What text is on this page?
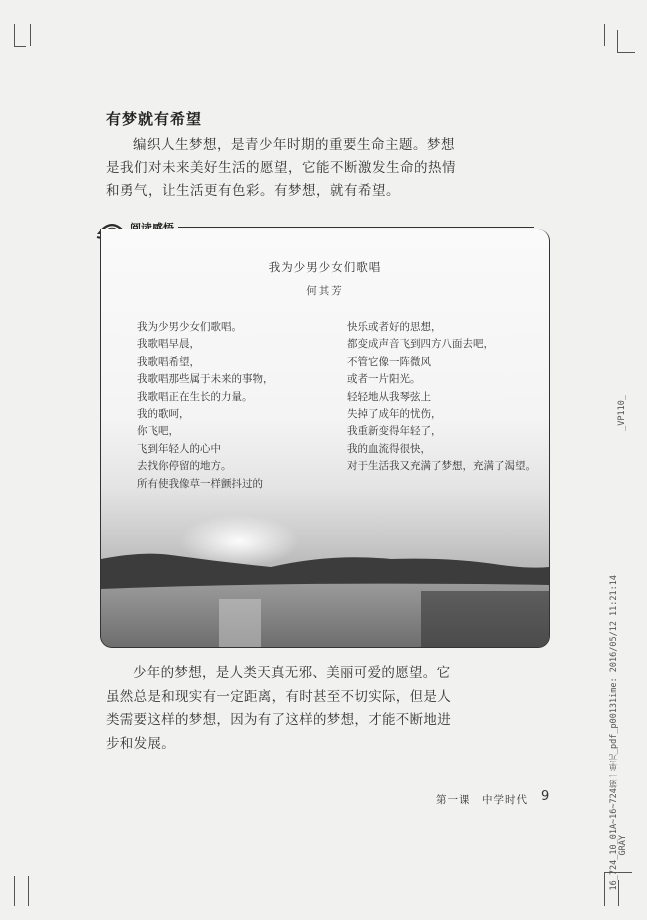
有梦就有希望

编织人生梦想，是青少年时期的重要生命主题。梦想是我们对未来美好生活的愿望，它能不断激发生命的热情和勇气，让生活更有色彩。有梦想，就有希望。

我为少男少女们歌唱
何其芳
我为少男少女们歌唱。
我歌唱早晨，
我歌唱希望，
我歌唱那些属于未来的事物，
我歌唱正在生长的力量。
我的歌呵，
你飞吧，
飞到年轻人的心中
去找你停留的地方。
所有使我像草一样颤抖过的
快乐或者好的思想，
都变成声音飞到四方八面去吧，
不管它像一阵微风
或者一片阳光。
轻轻地从我琴弦上
失掉了成年的忧伤，
我重新变得年轻了，
我的血流得很快，
对于生活我又充满了梦想，充满了渴望。

少年的梦想，是人类天真无邪、美丽可爱的愿望。它虽然总是和现实有一定距离，有时甚至不切实际，但是人类需要这样的梦想，因为有了这样的梦想，才能不断地进步和发展。

第一课　中学时代 9
_VP110_
16_724_10_01A~16~724第一单元_pdf_p00131ime: 2016/05/12 11:21:14 GRAY
